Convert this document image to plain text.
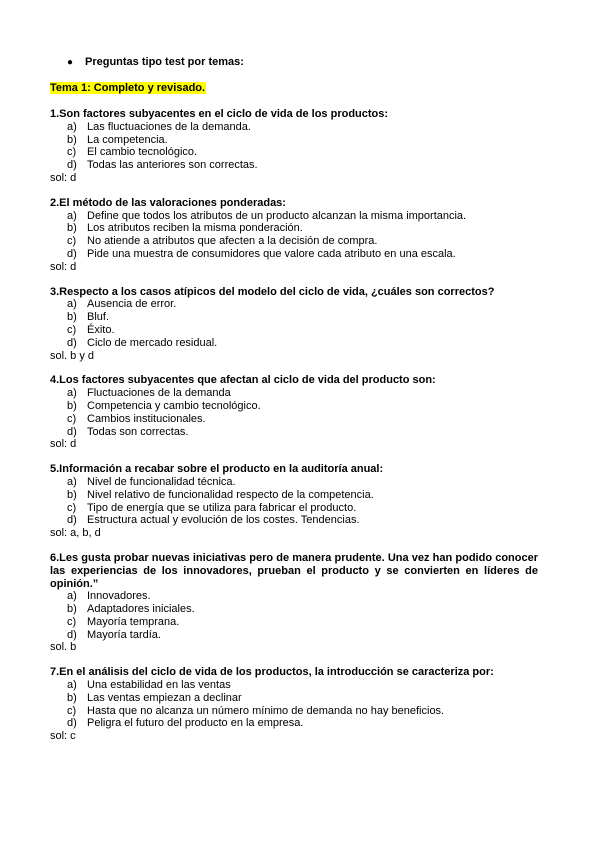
●	Preguntas tipo test por temas:
Tema 1: Completo y revisado.
1.Son factores subyacentes en el ciclo de vida de los productos:
a) Las fluctuaciones de la demanda.
b) La competencia.
c) El cambio tecnológico.
d) Todas las anteriores son correctas.
sol: d
2.El método de las valoraciones ponderadas:
a) Define que todos los atributos de un producto alcanzan la misma importancia.
b) Los atributos reciben la misma ponderación.
c) No atiende a atributos que afecten a la decisión de compra.
d) Pide una muestra de consumidores que valore cada atributo en una escala.
sol: d
3.Respecto a los casos atípicos del modelo del ciclo de vida, ¿cuáles son correctos?
a) Ausencia de error.
b) Bluf.
c) Éxito.
d) Ciclo de mercado residual.
sol. b y d
4.Los factores subyacentes que afectan al ciclo de vida del producto son:
a) Fluctuaciones de la demanda
b) Competencia y cambio tecnológico.
c) Cambios institucionales.
d) Todas son correctas.
sol: d
5.Información a recabar sobre el producto en la auditoría anual:
a) Nivel de funcionalidad técnica.
b) Nivel relativo de funcionalidad respecto de la competencia.
c) Tipo de energía que se utiliza para fabricar el producto.
d) Estructura actual y evolución de los costes. Tendencias.
sol: a, b, d
6.Les gusta probar nuevas iniciativas pero de manera prudente. Una vez han podido conocer las experiencias de los innovadores, prueban el producto y se convierten en líderes de opinión.”
a) Innovadores.
b) Adaptadores iniciales.
c) Mayoría temprana.
d) Mayoría tardía.
sol. b
7.En el análisis del ciclo de vida de los productos, la introducción se caracteriza por:
a) Una estabilidad en las ventas
b) Las ventas empiezan a declinar
c) Hasta que no alcanza un número mínimo de demanda no hay beneficios.
d) Peligra el futuro del producto en la empresa.
sol: c
